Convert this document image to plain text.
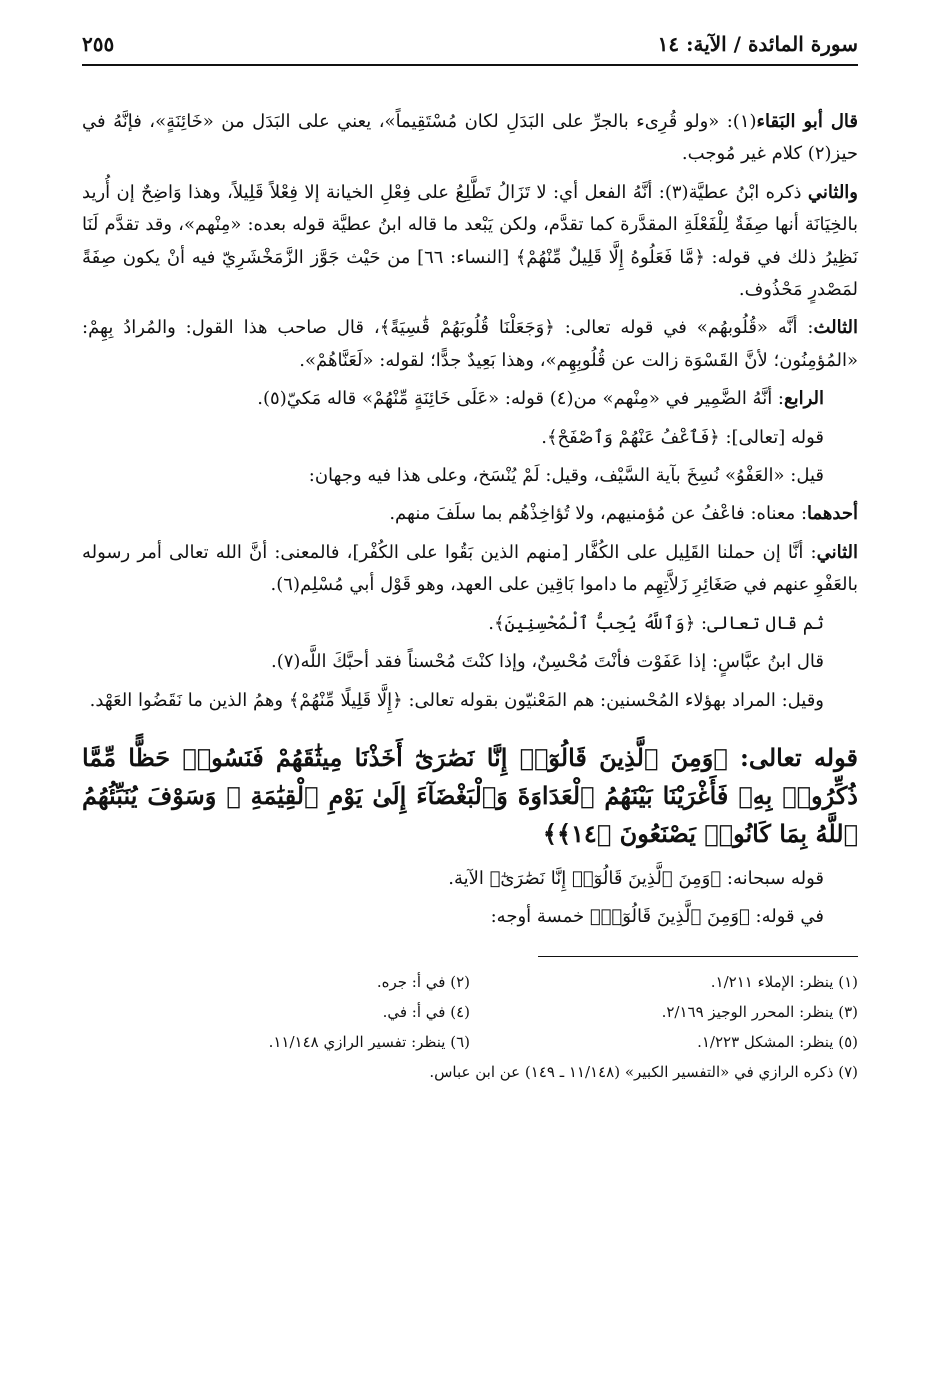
سورة المائدة / الآية: ١٤
٢٥٥

قال أبو البَقاء(١): «ولو قُرِىء بالجرِّ على البَدَلِ لكان مُسْتَقِيماً»، يعني على البَدَل من «خَائِنَةٍ»، فإنَّهُ في حيز(٢) كلام غير مُوجب.

والثاني ذكره ابْنُ عطيَّة(٣): أنَّهُ الفعل أي: لا تَزَالُ تَطَّلِعُ على فِعْلِ الخيانة إلا فِعْلاً قَلِيلاً، وهذا وَاضِحٌ إن أُريد بالخِيَانَة أنها صِفَةٌ لِلْفَعْلَةِ المقدَّرة كما تقدَّم، ولكن يَبْعد ما قاله ابنُ عطيَّة قوله بعده: «مِنْهم»، وقد تقدَّم لَنَا نَظِيرُ ذلك في قوله: ﴿مَّا فَعَلُوهُ إِلَّا قَلِيلٌ مِّنْهُمْ﴾ [النساء: ٦٦] من حَيْث جَوَّز الزَّمَخْشَرِيّ فيه أنْ يكون صِفَةً لمَصْدرٍ مَحْذُوف.

الثالث: أنَّه «قُلُوبهُم» في قوله تعالى: ﴿وَجَعَلْنَا قُلُوبَهُمْ قَٰسِيَةً﴾، قال صاحب هذا القول: والمُرادُ بِهِمْ: «المُؤمِنُون؛ لأنَّ القَسْوَة زالت عن قُلُوبِهِم»، وهذا بَعِيدٌ جدًّا؛ لقوله: «لَعَنَّاهُمْ».

الرابع: أنَّهُ الضَّمِير في «مِنْهم» من(٤) قوله: «عَلَى خَائِنَةٍ مِّنْهُمْ» قاله مَكيّ(٥).

قوله [تعالى]: ﴿فَٱعْفُ عَنْهُمْ وَٱصْفَحْ﴾.

قيل: «العَفْوُ» نُسِخَ بآية السَّيْف، وقيل: لَمْ يُنْسَخ، وعلى هذا فيه وجهان:

أحدهما: معناه: فاعْفُ عن مُؤمنيهم، ولا تُؤاخِذْهُم بما سلَفَ منهم.

الثاني: أنَّا إن حملنا القَلِيل على الكُفَّار [منهم الذين بَقُوا على الكُفْر]، فالمعنى: أنَّ الله تعالى أمر رسوله بالعَفْوِ عنهم في صَغَائِرِ زَلاَّتِهِم ما داموا بَاقِين على العهد، وهو قَوْل أبي مُسْلِم(٦).

ثم قال تعالى: ﴿وَٱللَّهُ يُحِبُّ ٱلْمُحْسِنِينَ﴾.

قال ابنُ عبَّاسٍ: إذا عَفَوْت فأنْتَ مُحْسِنٌ، وإذا كنْتَ مُحْسناً فقد أحبَّكَ اللَّه(٧).

وقيل: المراد بهؤلاء المُحْسنين: هم المَعْنيّون بقوله تعالى: ﴿إِلَّا قَلِيلًا مِّنْهُمْ﴾ وهمُ الذين ما نَقَضُوا العَهْد.

قوله تعالى: ﴿وَمِنَ ٱلَّذِينَ قَالُوٓا۟ إِنَّا نَصَٰرَىٰٓ أَخَذْنَا مِيثَٰقَهُمْ فَنَسُوا۟ حَظًّا مِّمَّا ذُكِّرُوا۟ بِهِۦ فَأَغْرَيْنَا بَيْنَهُمُ ٱلْعَدَاوَةَ وَٱلْبَغْضَآءَ إِلَىٰ يَوْمِ ٱلْقِيَٰمَةِ ۚ وَسَوْفَ يُنَبِّئُهُمُ ٱللَّهُ بِمَا كَانُوا۟ يَصْنَعُونَ ﴿١٤﴾﴾

قوله سبحانه: ﴿وَمِنَ ٱلَّذِينَ قَالُوٓا۟ إِنَّا نَصَٰرَىٰٓ﴾ الآية.

في قوله: ﴿وَمِنَ ٱلَّذِينَ قَالُوٓا۟﴾ خمسة أوجه:

(١) ينظر: الإملاء ١/٢١١.
(٢) في أ: جره.
(٣) ينظر: المحرر الوجيز ٢/١٦٩.
(٤) في أ: في.
(٥) ينظر: المشكل ١/٢٢٣.
(٦) ينظر: تفسير الرازي ١١/١٤٨.
(٧) ذكره الرازي في «التفسير الكبير» (١١/١٤٨ ـ ١٤٩) عن ابن عباس.
